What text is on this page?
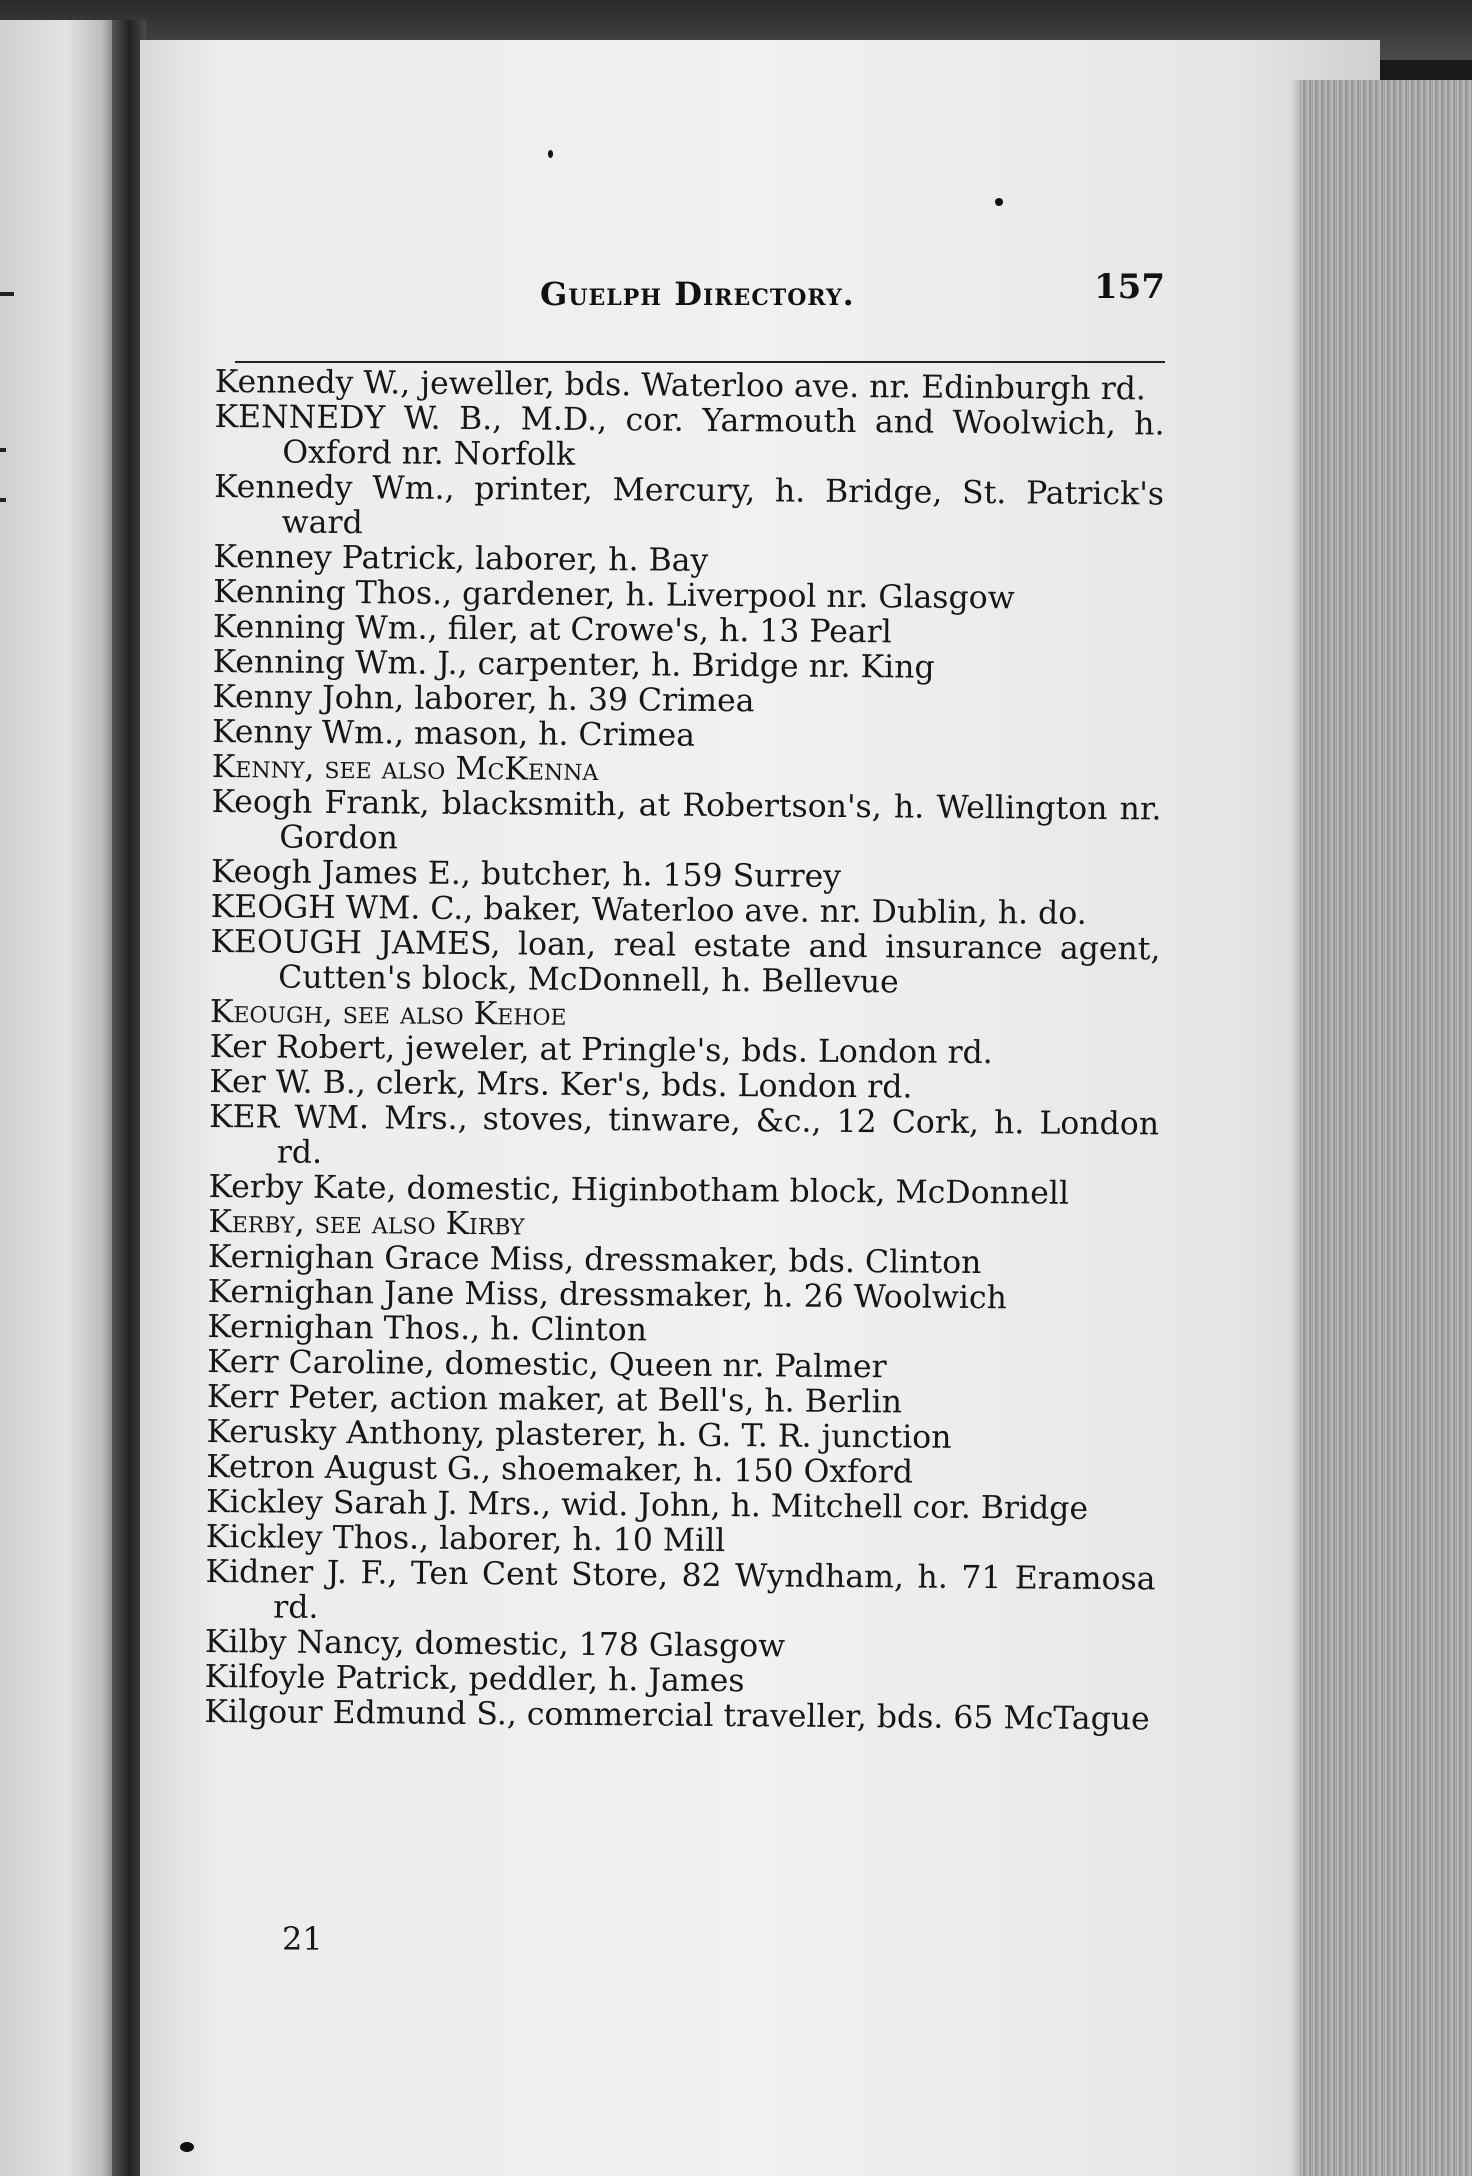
Guelph Directory.	157

Kennedy W., jeweller, bds. Waterloo ave. nr. Edinburgh rd.

KENNEDY W. B., M.D., cor. Yarmouth and Woolwich, h. Oxford nr. Norfolk

Kennedy Wm., printer, Mercury, h. Bridge, St. Patrick's ward

Kenney Patrick, laborer, h. Bay

Kenning Thos., gardener, h. Liverpool nr. Glasgow

Kenning Wm., filer, at Crowe's, h. 13 Pearl

Kenning Wm. J., carpenter, h. Bridge nr. King

Kenny John, laborer, h. 39 Crimea

Kenny Wm., mason, h. Crimea

Kenny, see also McKenna

Keogh Frank, blacksmith, at Robertson's, h. Wellington nr. Gordon

Keogh James E., butcher, h. 159 Surrey

KEOGH WM. C., baker, Waterloo ave. nr. Dublin, h. do.

KEOUGH JAMES, loan, real estate and insurance agent, Cutten's block, McDonnell, h. Bellevue

Keough, see also Kehoe

Ker Robert, jeweler, at Pringle's, bds. London rd.

Ker W. B., clerk, Mrs. Ker's, bds. London rd.

KER WM. Mrs., stoves, tinware, &c., 12 Cork, h. London rd.

Kerby Kate, domestic, Higinbotham block, McDonnell

Kerby, see also Kirby

Kernighan Grace Miss, dressmaker, bds. Clinton

Kernighan Jane Miss, dressmaker, h. 26 Woolwich

Kernighan Thos., h. Clinton

Kerr Caroline, domestic, Queen nr. Palmer

Kerr Peter, action maker, at Bell's, h. Berlin

Kerusky Anthony, plasterer, h. G. T. R. junction

Ketron August G., shoemaker, h. 150 Oxford

Kickley Sarah J. Mrs., wid. John, h. Mitchell cor. Bridge

Kickley Thos., laborer, h. 10 Mill

Kidner J. F., Ten Cent Store, 82 Wyndham, h. 71 Eramosa rd.

Kilby Nancy, domestic, 178 Glasgow

Kilfoyle Patrick, peddler, h. James

Kilgour Edmund S., commercial traveller, bds. 65 McTague

21
